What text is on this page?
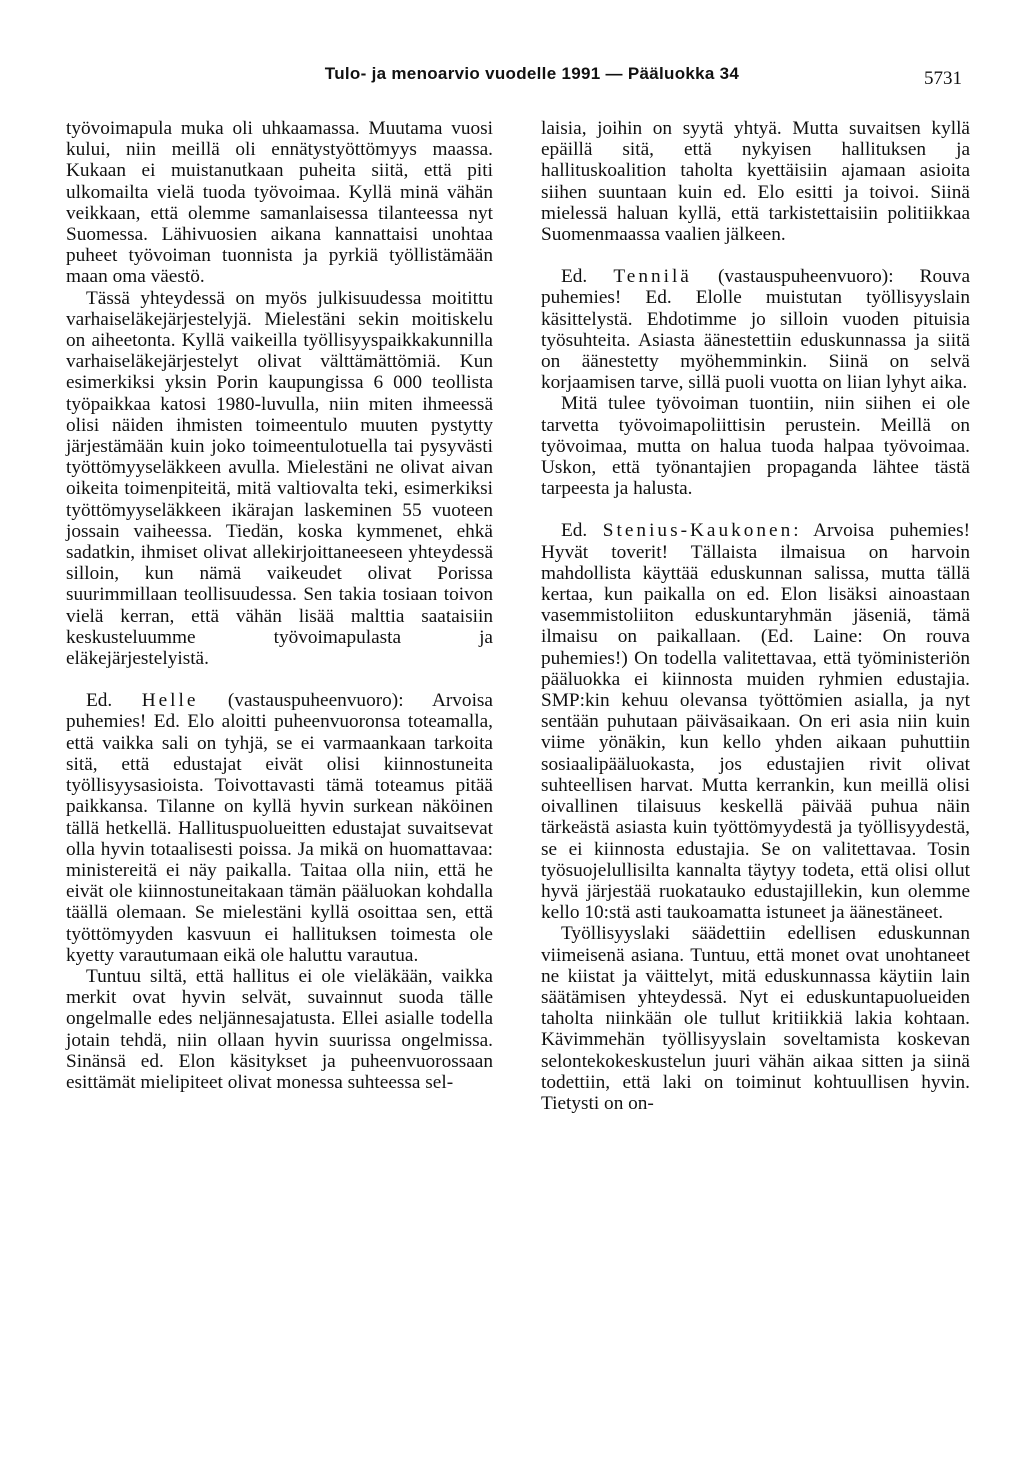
Tulo- ja menoarvio vuodelle 1991 — Pääluokka 34	5731

työvoimapula muka oli uhkaamassa. Muutama vuosi kului, niin meillä oli ennätystyöttömyys maassa. Kukaan ei muistanutkaan puheita siitä, että piti ulkomailta vielä tuoda työvoimaa. Kyllä minä vähän veikkaan, että olemme samanlaisessa tilanteessa nyt Suomessa. Lähivuosien aikana kannattaisi unohtaa puheet työvoiman tuonnista ja pyrkiä työllistämään maan oma väestö.

Tässä yhteydessä on myös julkisuudessa moitittu varhaiseläkejärjestelyjä. Mielestäni sekin moitiskelu on aiheetonta. Kyllä vaikeilla työllisyyspaikkakunnilla varhaiseläkejärjestelyt olivat välttämättömiä. Kun esimerkiksi yksin Porin kaupungissa 6 000 teollista työpaikkaa katosi 1980-luvulla, niin miten ihmeessä olisi näiden ihmisten toimeentulo muuten pystytty järjestämään kuin joko toimeentulotuella tai pysyvästi työttömyyseläkkeen avulla. Mielestäni ne olivat aivan oikeita toimenpiteitä, mitä valtiovalta teki, esimerkiksi työttömyyseläkkeen ikärajan laskeminen 55 vuoteen jossain vaiheessa. Tiedän, koska kymmenet, ehkä sadatkin, ihmiset olivat allekirjoittaneeseen yhteydessä silloin, kun nämä vaikeudet olivat Porissa suurimmillaan teollisuudessa. Sen takia tosiaan toivon vielä kerran, että vähän lisää malttia saataisiin keskusteluumme työvoimapulasta ja eläkejärjestelyistä.

Ed. Helle (vastauspuheenvuoro): Arvoisa puhemies! Ed. Elo aloitti puheenvuoronsa toteamalla, että vaikka sali on tyhjä, se ei varmaankaan tarkoita sitä, että edustajat eivät olisi kiinnostuneita työllisyysasioista. Toivottavasti tämä toteamus pitää paikkansa. Tilanne on kyllä hyvin surkean näköinen tällä hetkellä. Hallituspuolueitten edustajat suvaitsevat olla hyvin totaalisesti poissa. Ja mikä on huomattavaa: ministereitä ei näy paikalla. Taitaa olla niin, että he eivät ole kiinnostuneitakaan tämän pääluokan kohdalla täällä olemaan. Se mielestäni kyllä osoittaa sen, että työttömyyden kasvuun ei hallituksen toimesta ole kyetty varautumaan eikä ole haluttu varautua.

Tuntuu siltä, että hallitus ei ole vieläkään, vaikka merkit ovat hyvin selvät, suvainnut suoda tälle ongelmalle edes neljännesajatusta. Ellei asialle todella jotain tehdä, niin ollaan hyvin suurissa ongelmissa. Sinänsä ed. Elon käsitykset ja puheenvuorossaan esittämät mielipiteet olivat monessa suhteessa sel-

laisia, joihin on syytä yhtyä. Mutta suvaitsen kyllä epäillä sitä, että nykyisen hallituksen ja hallituskoalition taholta kyettäisiin ajamaan asioita siihen suuntaan kuin ed. Elo esitti ja toivoi. Siinä mielessä haluan kyllä, että tarkistettaisiin politiikkaa Suomenmaassa vaalien jälkeen.

Ed. Tennilä (vastauspuheenvuoro): Rouva puhemies! Ed. Elolle muistutan työllisyyslain käsittelystä. Ehdotimme jo silloin vuoden pituisia työsuhteita. Asiasta äänestettiin eduskunnassa ja siitä on äänestetty myöhemminkin. Siinä on selvä korjaamisen tarve, sillä puoli vuotta on liian lyhyt aika.

Mitä tulee työvoiman tuontiin, niin siihen ei ole tarvetta työvoimapoliittisin perustein. Meillä on työvoimaa, mutta on halua tuoda halpaa työvoimaa. Uskon, että työnantajien propaganda lähtee tästä tarpeesta ja halusta.

Ed. Stenius-Kaukonen: Arvoisa puhemies! Hyvät toverit! Tällaista ilmaisua on harvoin mahdollista käyttää eduskunnan salissa, mutta tällä kertaa, kun paikalla on ed. Elon lisäksi ainoastaan vasemmistoliiton eduskuntaryhmän jäseniä, tämä ilmaisu on paikallaan. (Ed. Laine: On rouva puhemies!) On todella valitettavaa, että työministeriön pääluokka ei kiinnosta muiden ryhmien edustajia. SMP:kin kehuu olevansa työttömien asialla, ja nyt sentään puhutaan päiväsaikaan. On eri asia niin kuin viime yönäkin, kun kello yhden aikaan puhuttiin sosiaalipääluokasta, jos edustajien rivit olivat suhteellisen harvat. Mutta kerrankin, kun meillä olisi oivallinen tilaisuus keskellä päivää puhua näin tärkeästä asiasta kuin työttömyydestä ja työllisyydestä, se ei kiinnosta edustajia. Se on valitettavaa. Tosin työsuojelullisilta kannalta täytyy todeta, että olisi ollut hyvä järjestää ruokatauko edustajillekin, kun olemme kello 10:stä asti taukoamatta istuneet ja äänestäneet.

Työllisyyslaki säädettiin edellisen eduskunnan viimeisenä asiana. Tuntuu, että monet ovat unohtaneet ne kiistat ja väittelyt, mitä eduskunnassa käytiin lain säätämisen yhteydessä. Nyt ei eduskuntapuolueiden taholta niinkään ole tullut kritiikkiä lakia kohtaan. Kävimmehän työllisyyslain soveltamista koskevan selontekokeskustelun juuri vähän aikaa sitten ja siinä todettiin, että laki on toiminut kohtuullisen hyvin. Tietysti on on-
